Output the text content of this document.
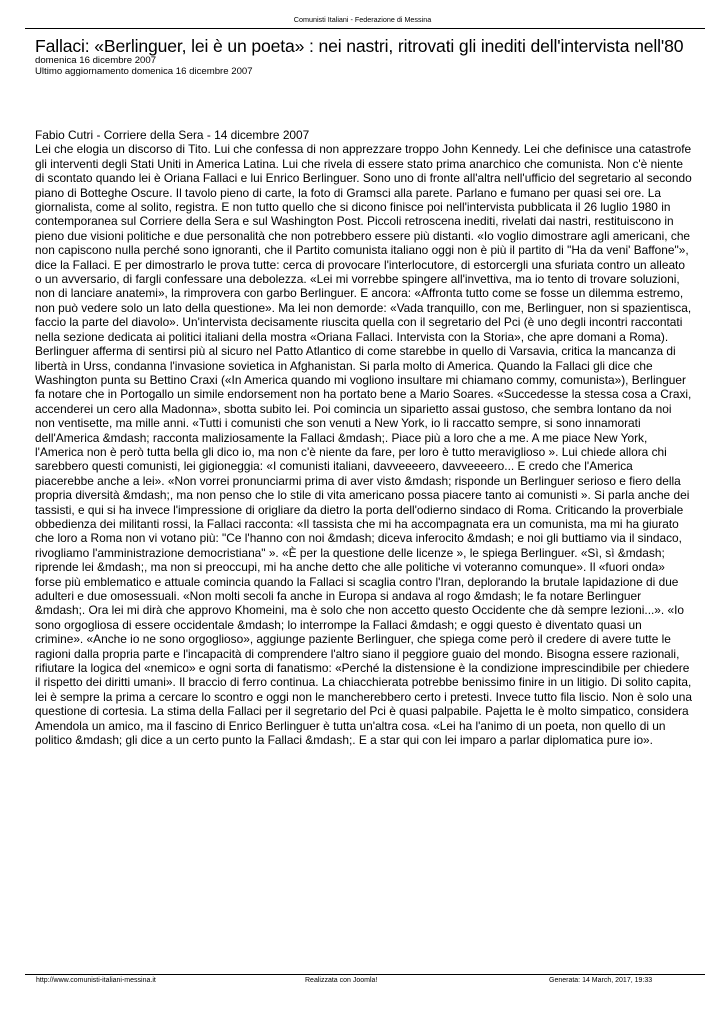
Comunisti Italiani - Federazione di Messina
Fallaci: «Berlinguer, lei è un poeta» : nei nastri, ritrovati gli inediti dell'intervista nell'80
domenica 16 dicembre 2007
Ultimo aggiornamento domenica 16 dicembre 2007

Fabio Cutri - Corriere della Sera - 14 dicembre 2007

Lei che elogia un discorso di Tito. Lui che confessa di non apprezzare troppo John Kennedy. Lei che definisce una catastrofe gli interventi degli Stati Uniti in America Latina. Lui che rivela di essere stato prima anarchico che comunista. Non c'è niente di scontato quando lei è Oriana Fallaci e lui Enrico Berlinguer. Sono uno di fronte all'altra nell'ufficio del segretario al secondo piano di Botteghe Oscure. Il tavolo pieno di carte, la foto di Gramsci alla parete. Parlano e fumano per quasi sei ore. La giornalista, come al solito, registra. E non tutto quello che si dicono finisce poi nell'intervista pubblicata il 26 luglio 1980 in contemporanea sul Corriere della Sera e sul Washington Post. Piccoli retroscena inediti, rivelati dai nastri, restituiscono in pieno due visioni politiche e due personalità che non potrebbero essere più distanti. «Io voglio dimostrare agli americani, che non capiscono nulla perché sono ignoranti, che il Partito comunista italiano oggi non è più il partito di "Ha da veni' Baffone"», dice la Fallaci. E per dimostrarlo le prova tutte: cerca di provocare l'interlocutore, di estorcergli una sfuriata contro un alleato o un avversario, di fargli confessare una debolezza. «Lei mi vorrebbe spingere all'invettiva, ma io tento di trovare soluzioni, non di lanciare anatemi», la rimprovera con garbo Berlinguer. E ancora: «Affronta tutto come se fosse un dilemma estremo, non può vedere solo un lato della questione». Ma lei non demorde: «Vada tranquillo, con me, Berlinguer, non si spazientisca, faccio la parte del diavolo». Un'intervista decisamente riuscita quella con il segretario del Pci (è uno degli incontri raccontati nella sezione dedicata ai politici italiani della mostra «Oriana Fallaci. Intervista con la Storia», che apre domani a Roma). Berlinguer afferma di sentirsi più al sicuro nel Patto Atlantico di come starebbe in quello di Varsavia, critica la mancanza di libertà in Urss, condanna l'invasione sovietica in Afghanistan. Si parla molto di America. Quando la Fallaci gli dice che Washington punta su Bettino Craxi («In America quando mi vogliono insultare mi chiamano commy, comunista»), Berlinguer fa notare che in Portogallo un simile endorsement non ha portato bene a Mario Soares. «Succedesse la stessa cosa a Craxi, accenderei un cero alla Madonna», sbotta subito lei. Poi comincia un siparietto assai gustoso, che sembra lontano da noi non ventisette, ma mille anni. «Tutti i comunisti che son venuti a New York, io li raccatto sempre, si sono innamorati dell'America &mdash; racconta maliziosamente la Fallaci &mdash;. Piace più a loro che a me. A me piace New York, l'America non è però tutta bella gli dico io, ma non c'è niente da fare, per loro è tutto meraviglioso ». Lui chiede allora chi sarebbero questi comunisti, lei gigioneggia: «I comunisti italiani, davveeeero, davveeeero... E credo che l'America piacerebbe anche a lei». «Non vorrei pronunciarmi prima di aver visto &mdash; risponde un Berlinguer serioso e fiero della propria diversità &mdash;, ma non penso che lo stile di vita americano possa piacere tanto ai comunisti ». Si parla anche dei tassisti, e qui si ha invece l'impressione di origliare da dietro la porta dell'odierno sindaco di Roma. Criticando la proverbiale obbedienza dei militanti rossi, la Fallaci racconta: «Il tassista che mi ha accompagnata era un comunista, ma mi ha giurato che loro a Roma non vi votano più: "Ce l'hanno con noi &mdash; diceva inferocito &mdash; e noi gli buttiamo via il sindaco, rivogliamo l'amministrazione democristiana" ». «È per la questione delle licenze », le spiega Berlinguer. «Sì, sì &mdash; riprende lei &mdash;, ma non si preoccupi, mi ha anche detto che alle politiche vi voteranno comunque». Il «fuori onda» forse più emblematico e attuale comincia quando la Fallaci si scaglia contro l'Iran, deplorando la brutale lapidazione di due adulteri e due omosessuali. «Non molti secoli fa anche in Europa si andava al rogo &mdash; le fa notare Berlinguer &mdash;. Ora lei mi dirà che approvo Khomeini, ma è solo che non accetto questo Occidente che dà sempre lezioni...». «Io sono orgogliosa di essere occidentale &mdash; lo interrompe la Fallaci &mdash; e oggi questo è diventato quasi un crimine». «Anche io ne sono orgoglioso», aggiunge paziente Berlinguer, che spiega come però il credere di avere tutte le ragioni dalla propria parte e l'incapacità di comprendere l'altro siano il peggiore guaio del mondo. Bisogna essere razionali, rifiutare la logica del «nemico» e ogni sorta di fanatismo: «Perché la distensione è la condizione imprescindibile per chiedere il rispetto dei diritti umani». Il braccio di ferro continua. La chiacchierata potrebbe benissimo finire in un litigio. Di solito capita, lei è sempre la prima a cercare lo scontro e oggi non le mancherebbero certo i pretesti. Invece tutto fila liscio. Non è solo una questione di cortesia. La stima della Fallaci per il segretario del Pci è quasi palpabile. Pajetta le è molto simpatico, considera Amendola un amico, ma il fascino di Enrico Berlinguer è tutta un'altra cosa. «Lei ha l'animo di un poeta, non quello di un politico &mdash; gli dice a un certo punto la Fallaci &mdash;. E a star qui con lei imparo a parlar diplomatica pure io».

http://www.comunisti-italiani-messina.it	Realizzata con Joomla!	Generata: 14 March, 2017, 19:33
